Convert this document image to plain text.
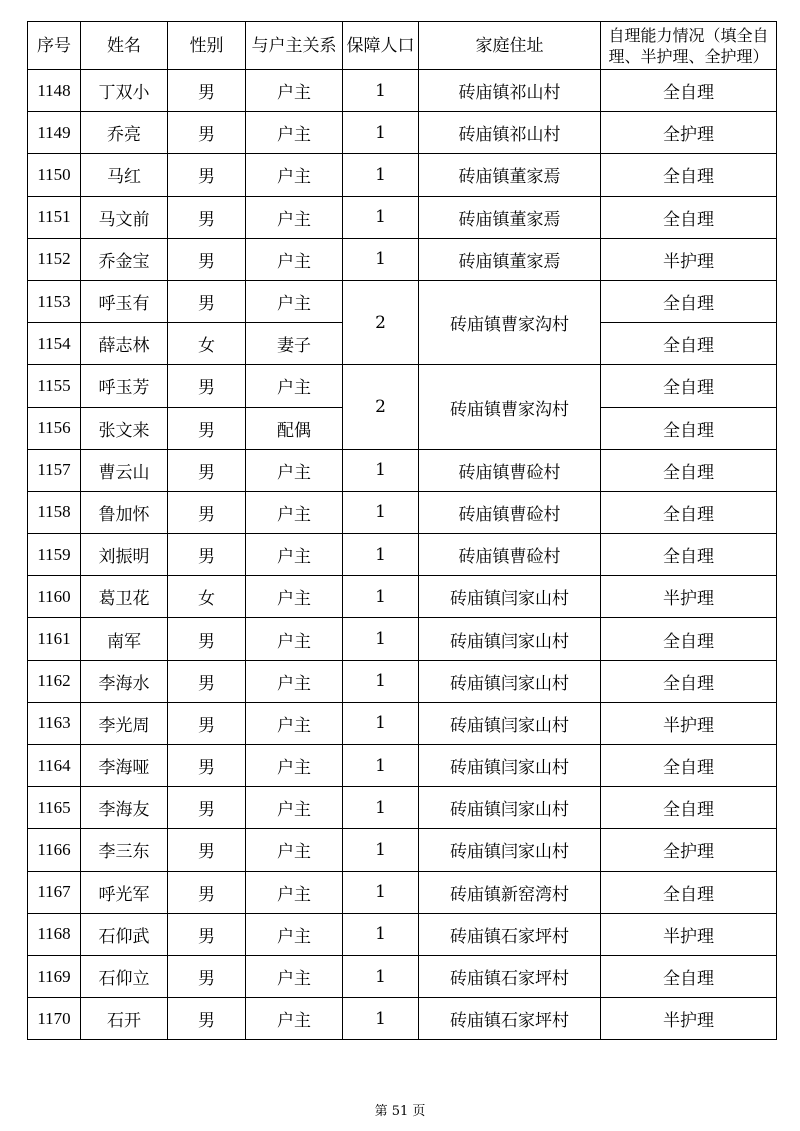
序号	姓名	性别	与户主关系	保障人口	家庭住址	自理能力情况（填全自理、半护理、全护理）
1148	丁双小	男	户主	1	砖庙镇祁山村	全自理
1149	乔亮	男	户主	1	砖庙镇祁山村	全护理
1150	马红	男	户主	1	砖庙镇董家焉	全自理
1151	马文前	男	户主	1	砖庙镇董家焉	全自理
1152	乔金宝	男	户主	1	砖庙镇董家焉	半护理
1153	呼玉有	男	户主	2	砖庙镇曹家沟村	全自理
1154	薛志林	女	妻子			全自理
1155	呼玉芳	男	户主	2	砖庙镇曹家沟村	全自理
1156	张文来	男	配偶			全自理
1157	曹云山	男	户主	1	砖庙镇曹硷村	全自理
1158	鲁加怀	男	户主	1	砖庙镇曹硷村	全自理
1159	刘振明	男	户主	1	砖庙镇曹硷村	全自理
1160	葛卫花	女	户主	1	砖庙镇闫家山村	半护理
1161	南军	男	户主	1	砖庙镇闫家山村	全自理
1162	李海水	男	户主	1	砖庙镇闫家山村	全自理
1163	李光周	男	户主	1	砖庙镇闫家山村	半护理
1164	李海哑	男	户主	1	砖庙镇闫家山村	全自理
1165	李海友	男	户主	1	砖庙镇闫家山村	全自理
1166	李三东	男	户主	1	砖庙镇闫家山村	全护理
1167	呼光军	男	户主	1	砖庙镇新窑湾村	全自理
1168	石仰武	男	户主	1	砖庙镇石家坪村	半护理
1169	石仰立	男	户主	1	砖庙镇石家坪村	全自理
1170	石开	男	户主	1	砖庙镇石家坪村	半护理
第 51 页
